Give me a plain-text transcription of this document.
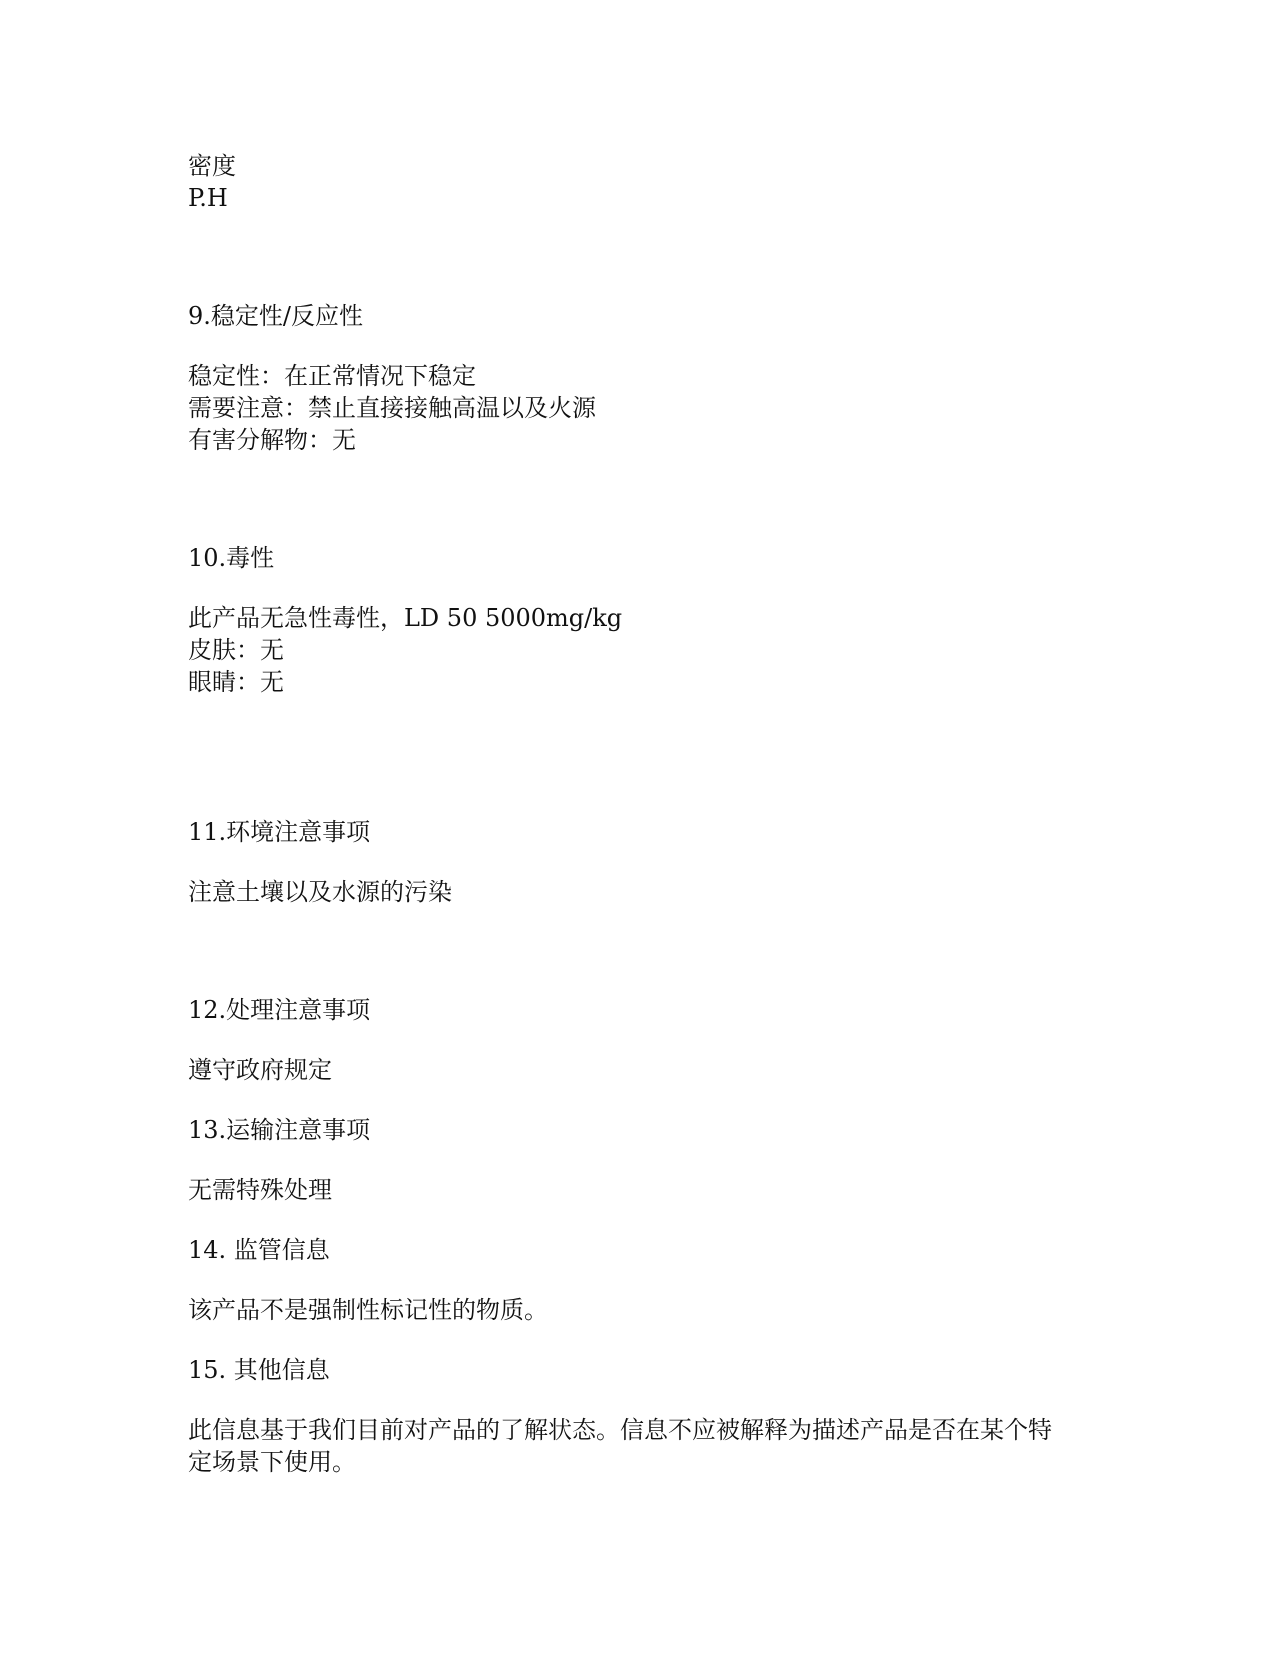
密度
P.H
9.稳定性/反应性
稳定性：在正常情况下稳定
需要注意：禁止直接接触高温以及火源
有害分解物：无
10.毒性
此产品无急性毒性，LD 50 5000mg/kg
皮肤：无
眼睛：无
11.环境注意事项
注意土壤以及水源的污染
12.处理注意事项
遵守政府规定
13.运输注意事项
无需特殊处理
14. 监管信息
该产品不是强制性标记性的物质。
15. 其他信息
此信息基于我们目前对产品的了解状态。信息不应被解释为描述产品是否在某个特
定场景下使用。
